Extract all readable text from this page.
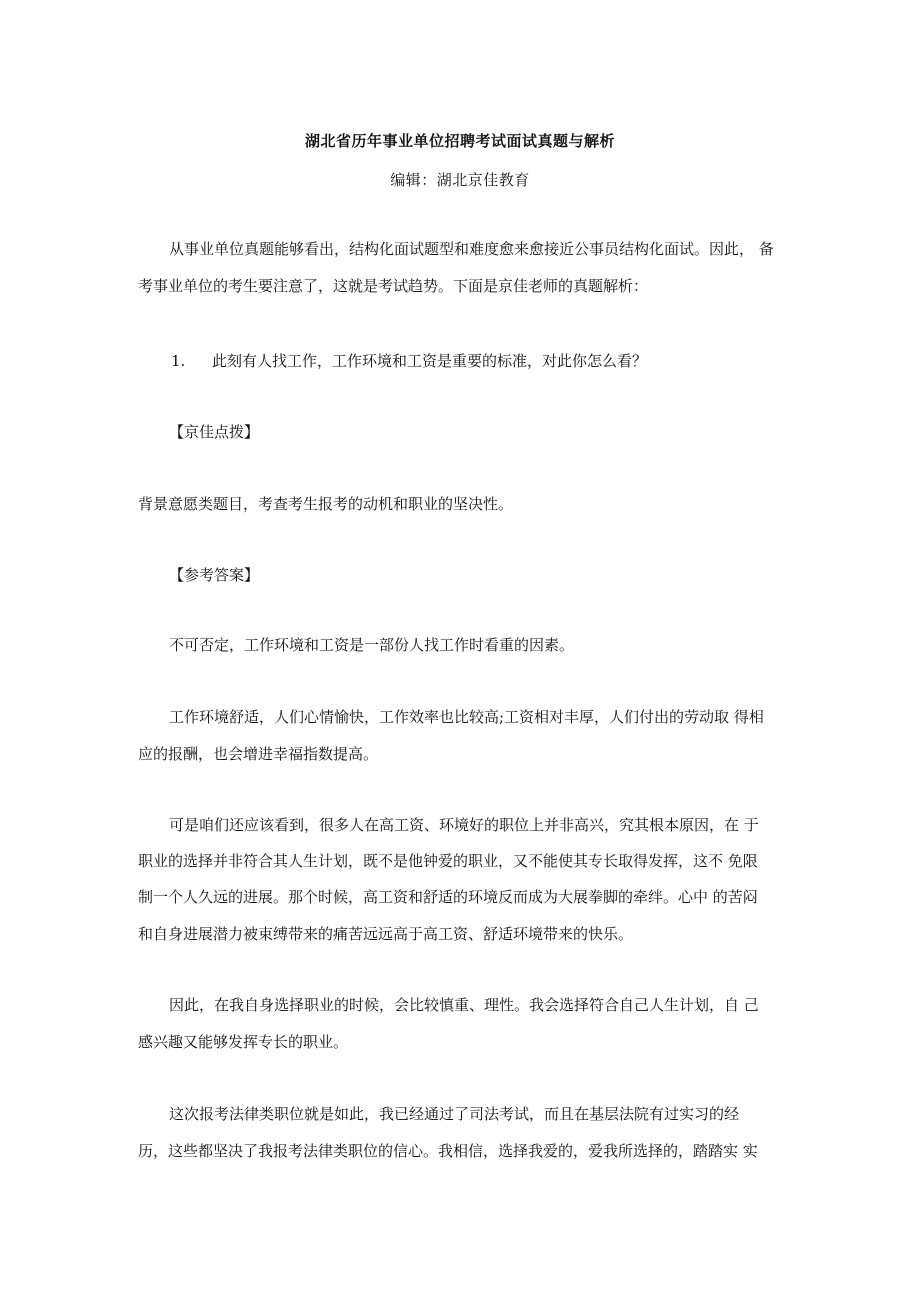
湖北省历年事业单位招聘考试面试真题与解析
编辑：湖北京佳教育
从事业单位真题能够看出，结构化面试题型和难度愈来愈接近公事员结构化面试。因此， 备
考事业单位的考生要注意了，这就是考试趋势。下面是京佳老师的真题解析：
1. 此刻有人找工作，工作环境和工资是重要的标准，对此你怎么看？
【京佳点拨】
背景意愿类题目，考查考生报考的动机和职业的坚决性。
【参考答案】
不可否定，工作环境和工资是一部份人找工作时看重的因素。
工作环境舒适，人们心情愉快，工作效率也比较高;工资相对丰厚，人们付出的劳动取 得相
应的报酬，也会增进幸福指数提高。
可是咱们还应该看到，很多人在高工资、环境好的职位上并非高兴，究其根本原因，在 于
职业的选择并非符合其人生计划，既不是他钟爱的职业，又不能使其专长取得发挥，这不 免限
制一个人久远的进展。那个时候，高工资和舒适的环境反而成为大展拳脚的牵绊。心中 的苦闷
和自身进展潜力被束缚带来的痛苦远远高于高工资、舒适环境带来的快乐。
因此，在我自身选择职业的时候，会比较慎重、理性。我会选择符合自己人生计划，自 己
感兴趣又能够发挥专长的职业。
这次报考法律类职位就是如此，我已经通过了司法考试，而且在基层法院有过实习的经
历，这些都坚决了我报考法律类职位的信心。我相信，选择我爱的，爱我所选择的，踏踏实 实
